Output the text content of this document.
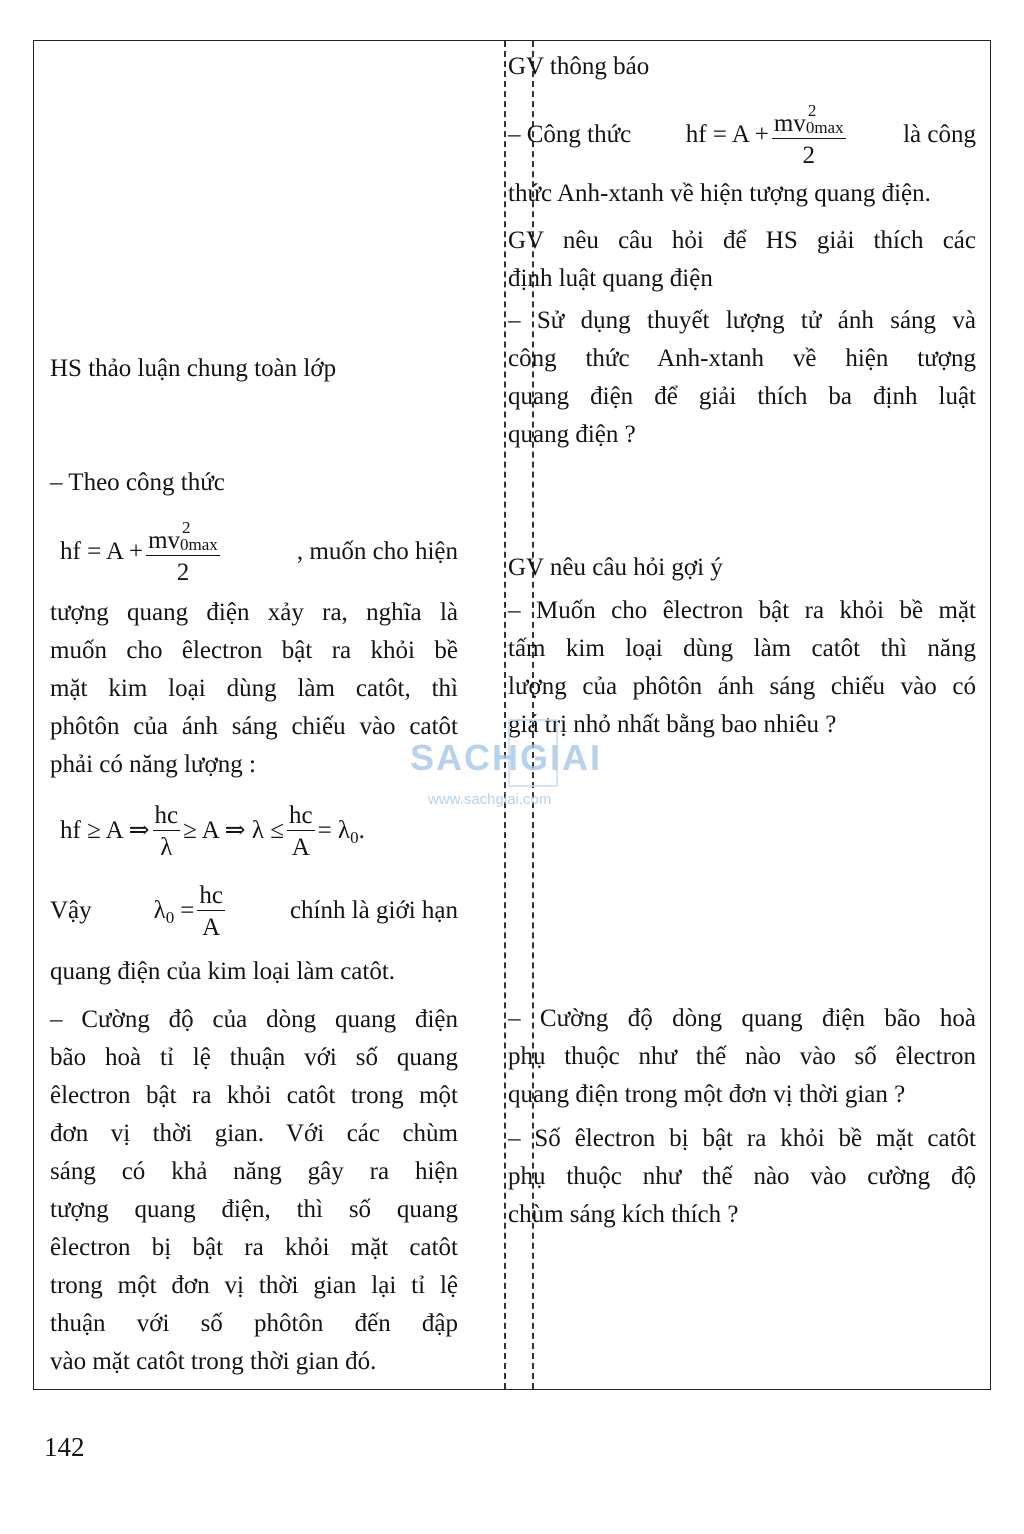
GV thông báo
– Công thức hf = A + mv 2
0max
2 là công
thức Anh-xtanh về hiện tượng quang điện.
GV nêu câu hỏi để HS giải thích các
định luật quang điện
– Sử dụng thuyết lượng tử ánh sáng và
công thức Anh-xtanh về hiện tượng
quang điện để giải thích ba định luật
quang điện ?
GV nêu câu hỏi gợi ý
– Muốn cho êlectron bật ra khỏi bề mặt
tấm kim loại dùng làm catôt thì năng
lượng của phôtôn ánh sáng chiếu vào có
giá trị nhỏ nhất bằng bao nhiêu ?
– Cường độ dòng quang điện bão hoà
phụ thuộc như thế nào vào số êlectron
quang điện trong một đơn vị thời gian ?
– Số êlectron bị bật ra khỏi bề mặt catôt
phụ thuộc như thế nào vào cường độ
chùm sáng kích thích ?
HS thảo luận chung toàn lớp
– Theo công thức
hf = A + mv 2
0max
2	, muốn cho hiện
tượng quang điện xảy ra, nghĩa là
muốn cho êlectron bật ra khỏi bề
mặt kim loại dùng làm catôt, thì
phôtôn của ánh sáng chiếu vào catôt
phải có năng lượng :
hf ≥ A ⇒ $\frac{hc}{\lambda} \ge A$ ⇒ $\lambda \le \frac{hc}{A} = \lambda$ 0 .
Vậy λ $0 = \frac{hc}{A}$	chính là giới hạn
quang điện của kim loại làm catôt.
– Cường độ của dòng quang điện
bão hoà tỉ lệ thuận với số quang
êlectron bật ra khỏi catôt trong một
đơn vị thời gian. Với các chùm
sáng có khả năng gây ra hiện
tượng quang điện, thì số quang
êlectron bị bật ra khỏi mặt catôt
trong một đơn vị thời gian lại tỉ lệ
thuận với số phôtôn đến đập
vào mặt catôt trong thời gian đó.
SACHGIAI
www.sachgiai.com
142
